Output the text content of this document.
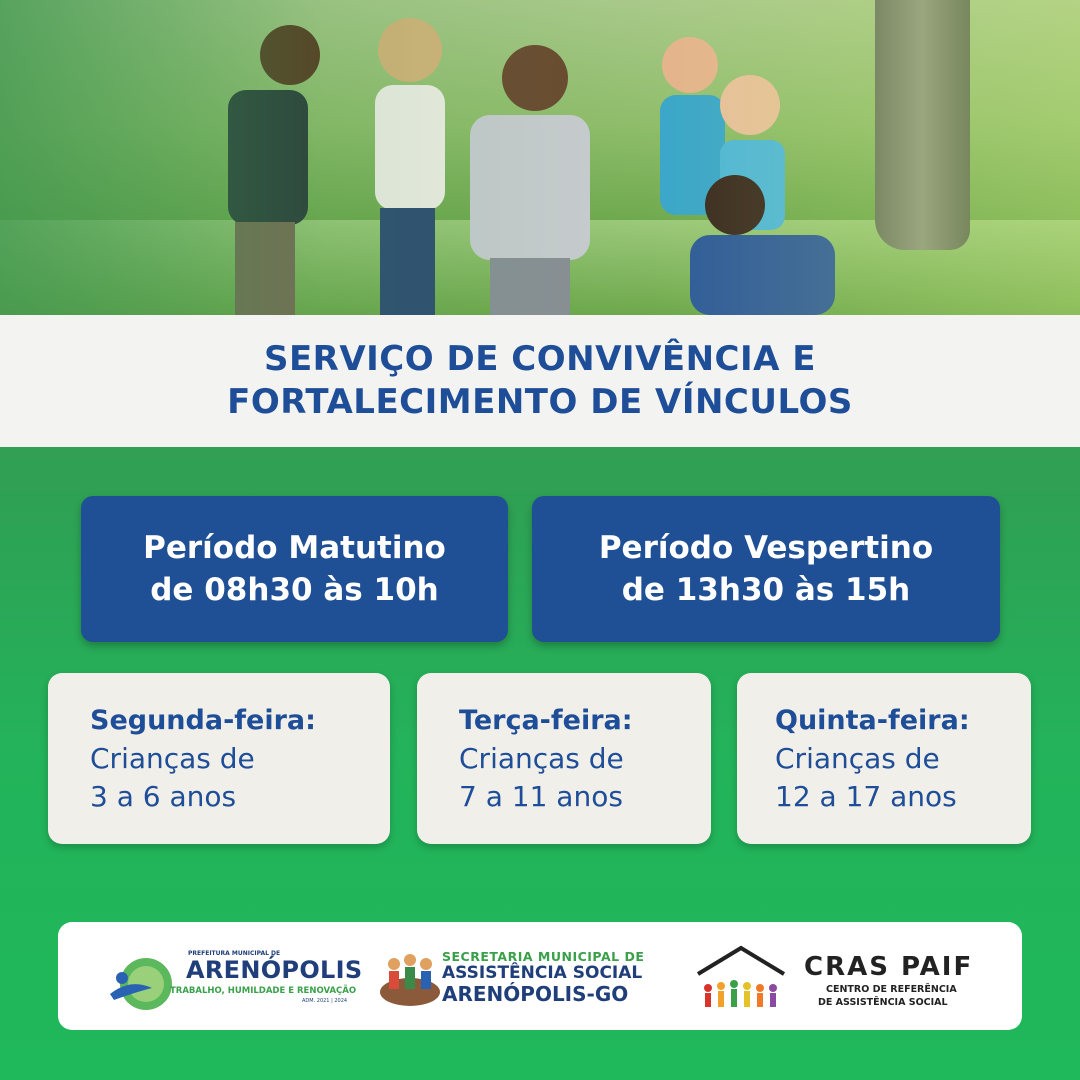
SERVIÇO DE CONVIVÊNCIA E
FORTALECIMENTO DE VÍNCULOS
Período Matutino
de 08h30 às 10h
Período Vespertino
de 13h30 às 15h
Segunda-feira:
Crianças de
3 a 6 anos
Terça-feira:
Crianças de
7 a 11 anos
Quinta-feira:
Crianças de
12 a 17 anos
PREFEITURA MUNICIPAL DE
ARENÓPOLIS
TRABALHO, HUMILDADE E RENOVAÇÃO
ADM. 2021 | 2024
SECRETARIA MUNICIPAL DE
ASSISTÊNCIA SOCIAL
ARENÓPOLIS-GO
CRAS PAIF
CENTRO DE REFERÊNCIA
DE ASSISTÊNCIA SOCIAL
